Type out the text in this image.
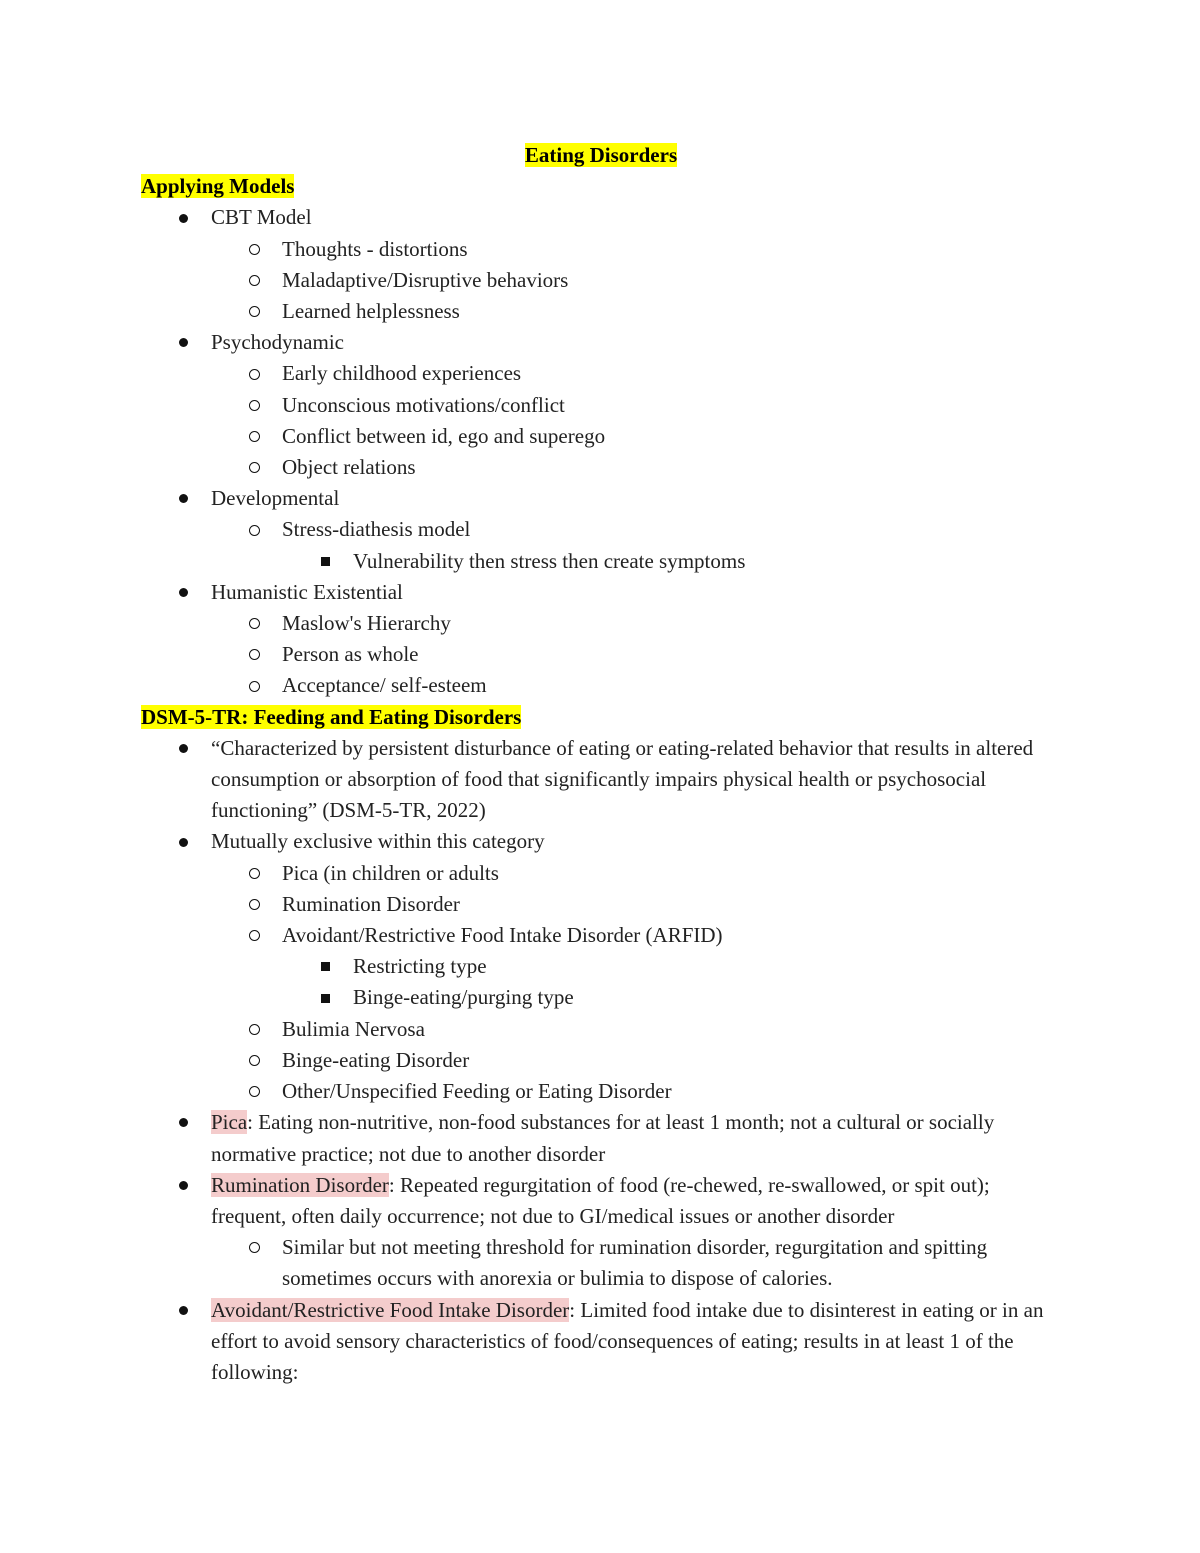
Eating Disorders
Applying Models
CBT Model
Thoughts - distortions
Maladaptive/Disruptive behaviors
Learned helplessness
Psychodynamic
Early childhood experiences
Unconscious motivations/conflict
Conflict between id, ego and superego
Object relations
Developmental
Stress-diathesis model
Vulnerability then stress then create symptoms
Humanistic Existential
Maslow's Hierarchy
Person as whole
Acceptance/ self-esteem
DSM-5-TR: Feeding and Eating Disorders
“Characterized by persistent disturbance of eating or eating-related behavior that results in altered consumption or absorption of food that significantly impairs physical health or psychosocial functioning” (DSM-5-TR, 2022)
Mutually exclusive within this category
Pica (in children or adults
Rumination Disorder
Avoidant/Restrictive Food Intake Disorder (ARFID)
Restricting type
Binge-eating/purging type
Bulimia Nervosa
Binge-eating Disorder
Other/Unspecified Feeding or Eating Disorder
Pica: Eating non-nutritive, non-food substances for at least 1 month; not a cultural or socially normative practice; not due to another disorder
Rumination Disorder: Repeated regurgitation of food (re-chewed, re-swallowed, or spit out); frequent, often daily occurrence; not due to GI/medical issues or another disorder
Similar but not meeting threshold for rumination disorder, regurgitation and spitting sometimes occurs with anorexia or bulimia to dispose of calories.
Avoidant/Restrictive Food Intake Disorder: Limited food intake due to disinterest in eating or in an effort to avoid sensory characteristics of food/consequences of eating; results in at least 1 of the following:
